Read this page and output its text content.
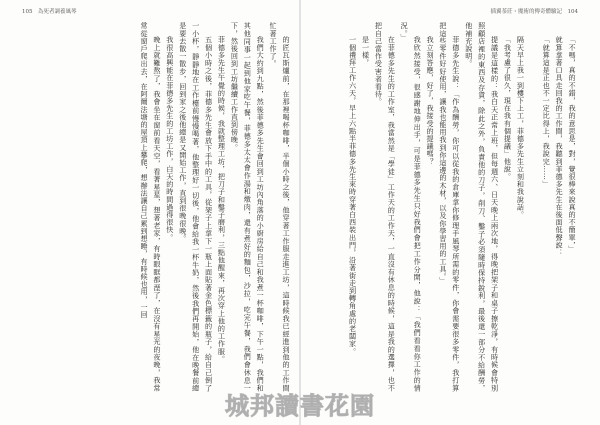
105　為死者調養風琴	插翼茶莊・魔術的傳奇體驗記　104

「不嗎，真的不錯，我的意思是，對，覺很棒來說真的不簡單，」

就算拿著口具走回我的工作間，我聽到菲德多先生在後面低聲說：

「就算這是正也不一定比得上，我說完……」

隔天早上我一到樓下上工，菲德多先生立刻和我說話。

「我考慮了很久，現在我有個提議」他說。

提議是這樣的：我白天正常上班，但每週六、日天晚上兩次地，得晚把架子和桌子擦乾淨，有時候會特別照顧店裡的東西及存貨，除此之外，負責他的刀子，削刀、鑿子必須隨時保持銳利，最後還一部分不給酬勞，他補充說明。

菲德多先生說：「作為酬勞，你可以從我的倉庫拿你修理手風琴所需的零件，你會需要很多零件，我打算把這些零件好好使用，讓我也能用我到你這邊的木材，以及你學習用的工具。」

我立刻答應，好了，我接受的提議嗎？

我欣然接受，很感謝地伸出手，可是菲德多先生只好我們會把工作分開，他說：「我們看看你工作的情況。」

在菲德多先生的工作室，我當然是「學徒」工作天的工作天，一直沒有休息的時候，這是我的選擇，也不把自己當作受害者看待。

是一樣，

一個禮拜工作六天，早上六點半菲德多先生來時穿著白西裝出門，沿著街走到轉角處的老闆家。

的匠瓦斯爐前，在那裡喝杯咖啡，半個小時之後，他穿著工作服走進工坊，這時候我已經進到他的工作間忙著工作了。

我們大約到九點，然後菲德多先生會回到工坊內角落的小廚房給自己和我煮一杯咖啡，下午一點，我們和其他同事一起到他家吃午餐，菲德多太太會作湯和燉肉，還有煮好的麵包，沙拉，吃完午餐，我們會休息一下，然後回到工坊繼續工作直到傍晚。

菲德多先生午覺的時候，我就整理工坊，把刀子和鑿子磨利，三點他醒來，再次穿上他的工作服。

五個小時之後，菲德多先生會放下手中的工具，從架子上拿下一瓶上面貼著金色標籤的瓶子，給自己倒了一小杯，靜靜地在工作檯前慢慢喝著，他整理好一切後，他會給我一杯牛奶，然後我們再開始，他在晚餐前總是要去散一散步，回到家之後他總是又開始工作，直到很晚很晚。

我很高興能在菲德多先生的工坊工作，白天的時間過得很快。

晚上就難熬了，我會坐在窗前看天空，看著星星，想著老家，有時眼眶都溼了，在沒有星光的夜晚，我常常從窗戶爬出去，在阿爾法塘的屋頂上攀爬，想辦法讓自己累到想睡，有時候也用，一回

城邦讀書花園
